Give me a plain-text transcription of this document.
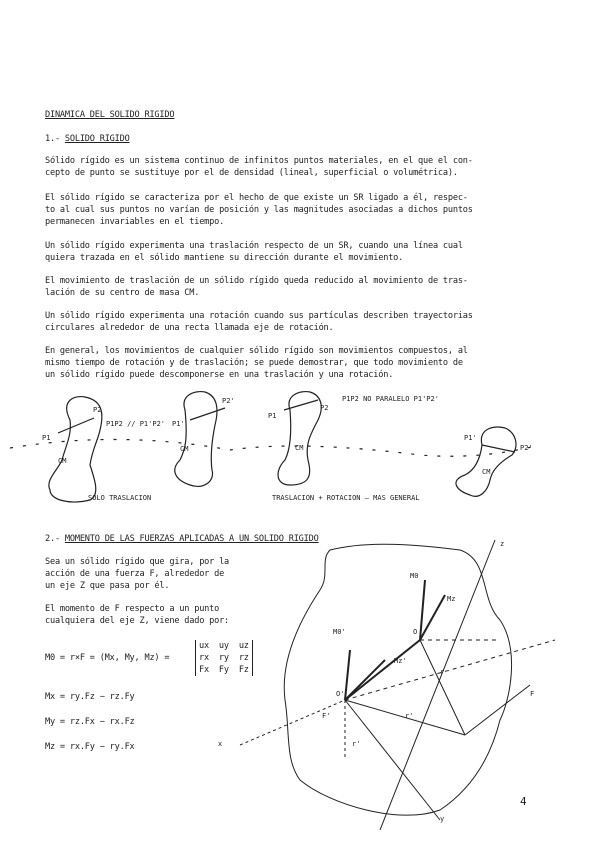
DINAMICA DEL SOLIDO RIGIDO
1.- SOLIDO RIGIDO
Sólido rígido es un sistema continuo de infinitos puntos materiales, en el que el con-
cepto de punto se sustituye por el de densidad (lineal, superficial o volumétrica).
El sólido rígido se caracteriza por el hecho de que existe un SR ligado a él, respec-
to al cual sus puntos no varían de posición y las magnitudes asociadas a dichos puntos
permanecen invariables en el tiempo.
Un sólido rígido experimenta una traslación respecto de un SR, cuando una línea cual
quiera trazada en el sólido mantiene su dirección durante el movimiento.
El movimiento de traslación de un sólido rígido queda reducido al movimiento de tras-
lación de su centro de masa CM.
Un sólido rígido experimenta una rotación cuando sus partículas describen trayectorias
circulares alrededor de una recta llamada eje de rotación.
En general, los movimientos de cualquier sólido rígido son movimientos compuestos, al
mismo tiempo de rotación y de traslación; se puede demostrar, que todo movimiento de
un sólido rígido puede descomponerse en una traslación y una rotación.
P1
P2
P1'
P2'
CM
CM
P1P2 // P1'P2'
SOLO TRASLACION
P1
P2
P1P2 NO PARALELO P1'P2'
CM
P1'
P2'
CM
TRASLACION + ROTACION — MAS GENERAL
2.- MOMENTO DE LAS FUERZAS APLICADAS A UN SOLIDO RIGIDO
Sea un sólido rígido que gira, por la
acción de una fuerza F, alrededor de
un eje Z que pasa por él.
El momento de F respecto a un punto
cualquiera del eje Z, viene dado por:
M0 = r×F = (Mx, My, Mz) =
ux uy uz
rx ry rz
Fx Fy Fz
Mx = ry.Fz − rz.Fy
My = rz.Fx − rx.Fz
Mz = rx.Fy − ry.Fx
z
M0
Mz
M0'	O
Mz'
r
O'	F
r'
r'
F'
x
y
4
